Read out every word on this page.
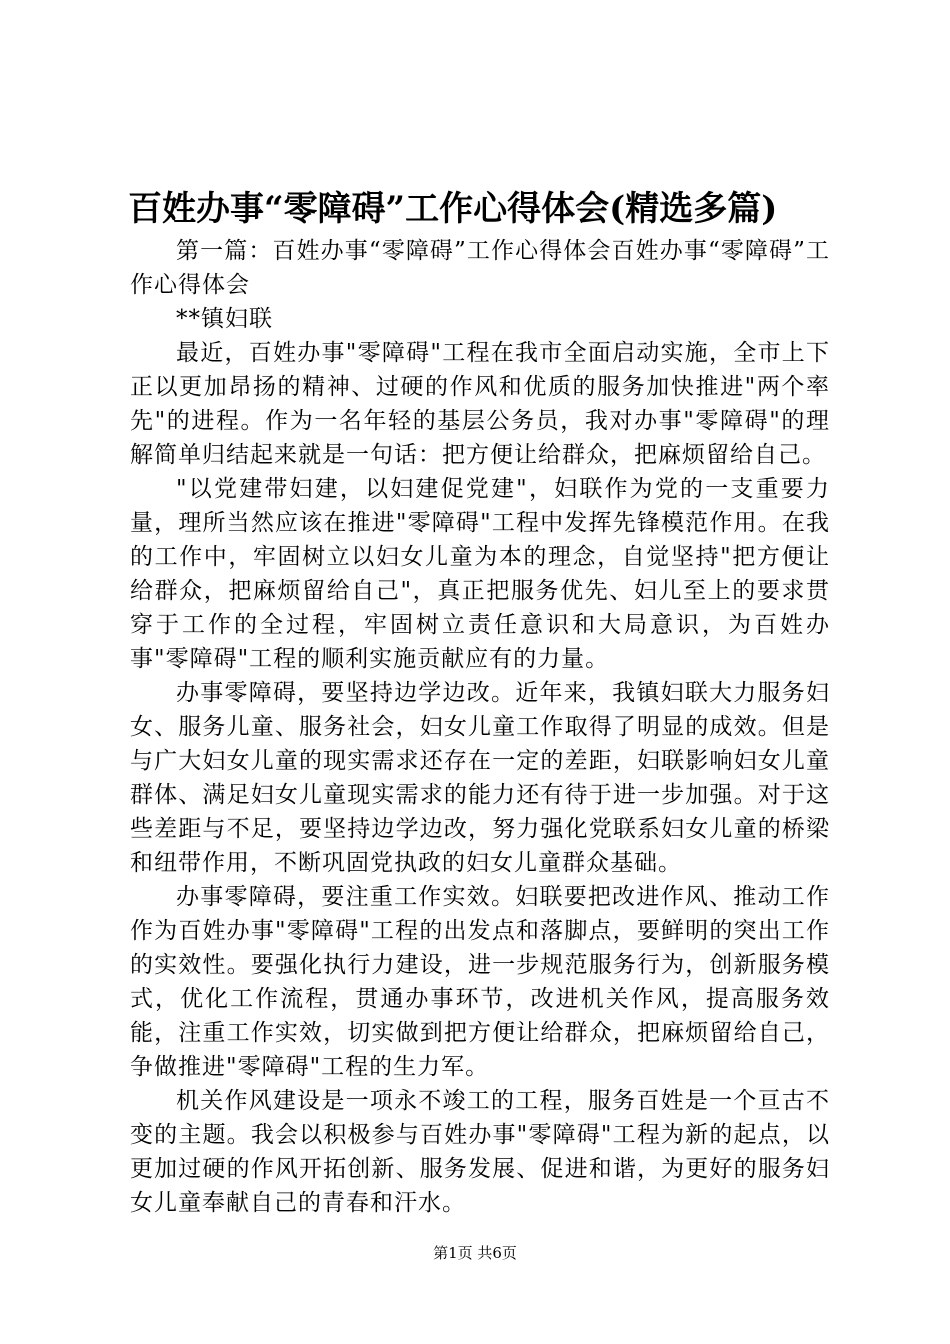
百姓办事“零障碍”工作心得体会(精选多篇)

第一篇：百姓办事“零障碍”工作心得体会百姓办事“零障碍”工作心得体会

**镇妇联

最近，百姓办事"零障碍"工程在我市全面启动实施，全市上下正以更加昂扬的精神、过硬的作风和优质的服务加快推进"两个率先"的进程。作为一名年轻的基层公务员，我对办事"零障碍"的理解简单归结起来就是一句话：把方便让给群众，把麻烦留给自己。

"以党建带妇建，以妇建促党建"，妇联作为党的一支重要力量，理所当然应该在推进"零障碍"工程中发挥先锋模范作用。在我的工作中，牢固树立以妇女儿童为本的理念，自觉坚持"把方便让给群众，把麻烦留给自己"，真正把服务优先、妇儿至上的要求贯穿于工作的全过程，牢固树立责任意识和大局意识，为百姓办事"零障碍"工程的顺利实施贡献应有的力量。

办事零障碍，要坚持边学边改。近年来，我镇妇联大力服务妇女、服务儿童、服务社会，妇女儿童工作取得了明显的成效。但是与广大妇女儿童的现实需求还存在一定的差距，妇联影响妇女儿童群体、满足妇女儿童现实需求的能力还有待于进一步加强。对于这些差距与不足，要坚持边学边改，努力强化党联系妇女儿童的桥梁和纽带作用，不断巩固党执政的妇女儿童群众基础。

办事零障碍，要注重工作实效。妇联要把改进作风、推动工作作为百姓办事"零障碍"工程的出发点和落脚点，要鲜明的突出工作的实效性。要强化执行力建设，进一步规范服务行为，创新服务模式，优化工作流程，贯通办事环节，改进机关作风，提高服务效能，注重工作实效，切实做到把方便让给群众，把麻烦留给自己，争做推进"零障碍"工程的生力军。

机关作风建设是一项永不竣工的工程，服务百姓是一个亘古不变的主题。我会以积极参与百姓办事"零障碍"工程为新的起点，以更加过硬的作风开拓创新、服务发展、促进和谐，为更好的服务妇女儿童奉献自己的青春和汗水。

第1页 共6页
